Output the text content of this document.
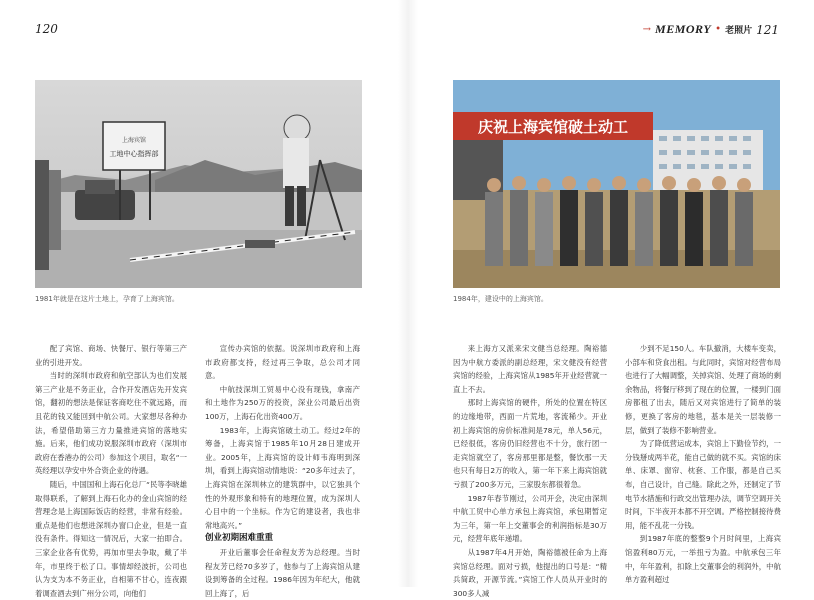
120	→ MEMORY • 老照片 121
上海宾馆
工地中心指挥部
1981年就是在这片土地上，孕育了上海宾馆。
庆祝上海宾馆破土动工
1984年，建设中的上海宾馆。

配了宾馆、商场、快餐厅、银行等第三产业的引进开发。

当时的深圳市政府和航空部认为也们发展第三产业是不务正业，合作开发酒店先开发宾馆，翻初的想法是保证客商吃住不就远路，而且花的钱又能回到中航公司。大家想尽各种办法，希望借助第三方力量推进宾馆的落地实施。后来，他们成功说服深圳市政府（深圳市政府在香港办的公司）参加这个项目，取名“一英经理以孕安中外合资企业的待遇。

随后，中国国和上海石化总厂“民等李晓雄取得联系，了解到上海石化办的金山宾馆的经营理念是上海国际饭店的经营，非常有经验。重点是他们也想进深圳办窗口企业，但是一直没有条件。得知这一情况后，大家一拍即合。三家企业各有优势，再加市里去争取，戴了半年，市里终于松了口。事情却经波折，公司也认为支为本不务正业，自相第不甘心，连夜跟着调查酒去到广州分公司，向他们

宣传办宾馆的依据。说深圳市政府和上海市政府都支持，经过再三争取，总公司才同意。

中航技深圳工贸易中心没有现钱，拿南产和土地作为250万的投资，深业公司最后出资100万，上海石化出资400万。

1983年，上海宾馆破土动工。经过2年的筹备，上海宾馆于1985年10月28日建成开业。2005年，上海宾馆的设计师韦海明到深圳，看到上海宾馆动情地说：“20多年过去了，上海宾馆在深圳林立的建筑群中，以它独具个性的外观形象和特有的地理位置，成为深圳人心目中的一个坐标。作为它的建设者，我也非常地高兴。”

创业初期困难重重

开业后董事会任命程友芳为总经理。当时程友芳已经70多岁了，他参与了上海宾馆从建设到筹备的全过程。1986年因为年纪大，他就回上海了，后

来上海方又派来宋文健当总经理。陶裕德因为中航方委派的副总经理，宋文健没有经营宾馆的经验，上海宾馆从1985年开业经营就一直上不去。

那时上海宾馆的硬件，所处的位置在特区的边缘地带，西面一片荒地，客流稀少。开业初上海宾馆的房价标准间是78元，单人56元，已经很低，客房仍旧经营也不十分，旅行团一走宾馆就空了，客房那里都是整，餐饮那一天也只有每日2万的收入，第一年下来上海宾馆就亏损了200多万元，三家股东都很着急。

1987年春节刚过，公司开会，决定由深圳中航工贸中心单方承包上海宾馆，承包期暂定为三年，第一年上交董事会的利润指标是30万元，经营年底年递增。

从1987年4月开始，陶裕德被任命为上海宾馆总经理。面对亏损，他提出的口号是：“精兵简政，开源节流。”宾馆工作人员从开业时的300多人减

少到不足150人。车队撤消，大楼车变卖，小部车和贷食出租。与此同时，宾馆对经营布局也进行了大幅调整，关掉宾馆、处理了商场的剩余物品，将餐厅移到了现在的位置，一楼到门面房都租了出去，随后又对宾馆进行了简单的装修，更换了客房的地毯，基本是关一层装修一层，做到了装修不影响营业。

为了降低营运成本，宾馆上下勤俭节约，一分钱掰成两半花，能自己做的就不买。宾馆的床单、床罩、窗帘、枕套、工作服，都是自己买布，自己设计，自己缝。除此之外，还制定了节电节水措施和行政交出管理办法，调节空调开关时间，下半夜开本都不开空调。严格控制接待费用，能不乱花一分钱。

到1987年底的整整9个月时间里，上海宾馆盈利80万元，一举扭亏为盈。中航承包三年中，年年盈利，扣除上交董事会的利润外，中航单方盈利超过
